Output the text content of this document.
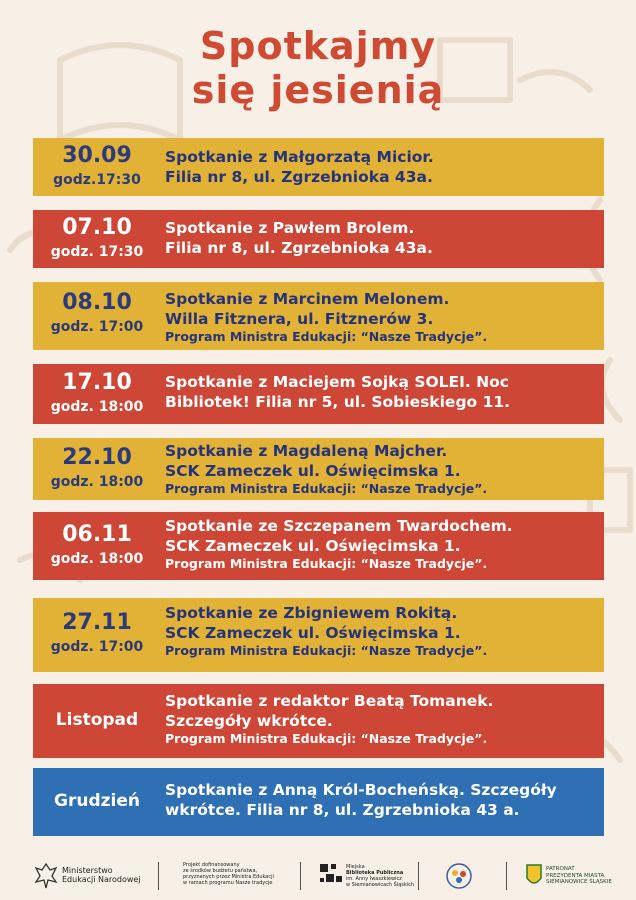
Spotkajmy
się jesienią
30.09
godz.17:30
Spotkanie z Małgorzatą Micior.
Filia nr 8, ul. Zgrzebnioka 43a.
07.10
godz. 17:30
Spotkanie z Pawłem Brolem.
Filia nr 8, ul. Zgrzebnioka 43a.
08.10
godz. 17:00
Spotkanie z Marcinem Melonem.
Willa Fitznera, ul. Fitznerów 3.
Program Ministra Edukacji: “Nasze Tradycje”.
17.10
godz. 18:00
Spotkanie z Maciejem Sojką SOLEI. Noc
Bibliotek! Filia nr 5, ul. Sobieskiego 11.
22.10
godz. 18:00
Spotkanie z Magdaleną Majcher.
SCK Zameczek ul. Oświęcimska 1.
Program Ministra Edukacji: “Nasze Tradycje”.
06.11
godz. 18:00
Spotkanie ze Szczepanem Twardochem.
SCK Zameczek ul. Oświęcimska 1.
Program Ministra Edukacji: “Nasze Tradycje”.
27.11
godz. 17:00
Spotkanie ze Zbigniewem Rokitą.
SCK Zameczek ul. Oświęcimska 1.
Program Ministra Edukacji: “Nasze Tradycje”.
Listopad
Spotkanie z redaktor Beatą Tomanek.
Szczegóły wkrótce.
Program Ministra Edukacji: “Nasze Tradycje”.
Grudzień
Spotkanie z Anną Król-Bocheńską. Szczegóły
wkrótce. Filia nr 8, ul. Zgrzebnioka 43 a.
Ministerstwo
Edukacji Narodowej
Projekt dofinansowany
ze środków budżetu państwa,
przyznanych przez Ministra Edukacji
w ramach programu Nasze tradycje
Miejska
Biblioteka Publiczna
im. Anny Iwaszkiewicz
w Siemianowicach Śląskich
PATRONAT
PREZYDENTA MIASTA
SIEMIANOWICE ŚLĄSKIE
